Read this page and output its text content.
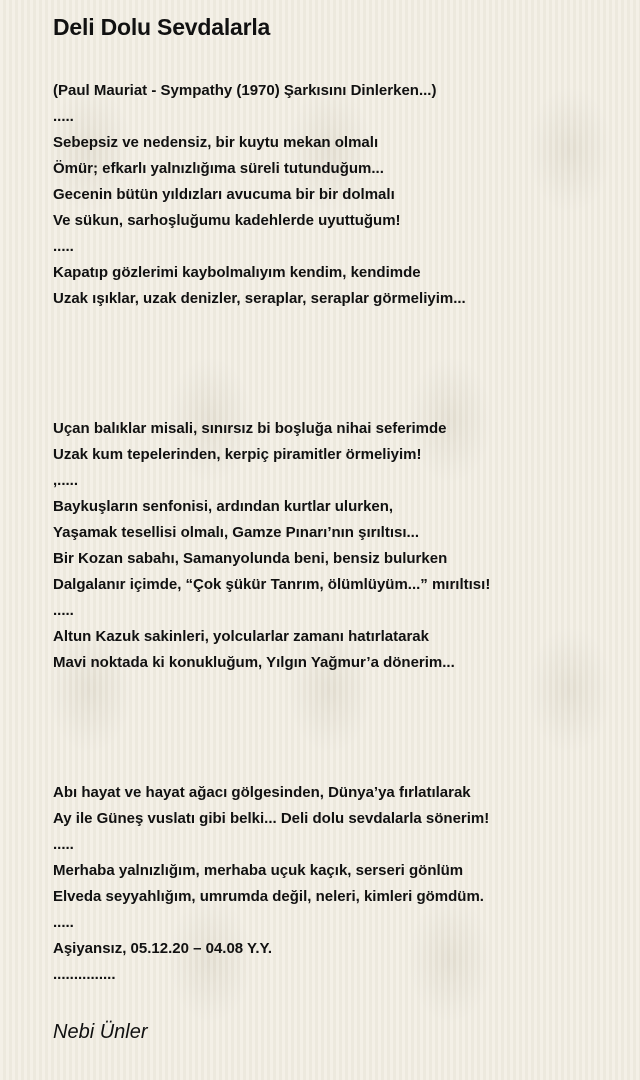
Deli Dolu Sevdalarla
(Paul Mauriat - Sympathy (1970) Şarkısını Dinlerken...)
.....
Sebepsiz ve nedensiz, bir kuytu mekan olmalı
Ömür; efkarlı yalnızlığıma süreli tutunduğum...
Gecenin bütün yıldızları avucuma bir bir dolmalı
Ve sükun, sarhoşluğumu kadehlerde uyuttuğum!
.....
Kapatıp gözlerimi kaybolmalıyım kendim, kendimde
Uzak ışıklar, uzak denizler, seraplar, seraplar görmeliyim...
Uçan balıklar misali, sınırsız bi boşluğa nihai seferimde
Uzak kum tepelerinden, kerpiç piramitler örmeliyim!
,.....
Baykuşların senfonisi, ardından kurtlar ulurken,
Yaşamak tesellisi olmalı, Gamze Pınarı’nın şırıltısı...
Bir Kozan sabahı, Samanyolunda beni, bensiz bulurken
Dalgalanır içimde, “Çok şükür Tanrım, ölümlüyüm...” mırıltısı!
.....
Altun Kazuk sakinleri, yolcularlar zamanı hatırlatarak
Mavi noktada ki konukluğum, Yılgın Yağmur’a dönerim...
Abı hayat ve hayat ağacı gölgesinden, Dünya’ya fırlatılarak
Ay ile Güneş vuslatı gibi belki... Deli dolu sevdalarla sönerim!
.....
Merhaba yalnızlığım, merhaba uçuk kaçık, serseri gönlüm
Elveda seyyahlığım, umrumda değil, neleri, kimleri gömdüm.
.....
Aşiyansız, 05.12.20 – 04.08 Y.Y.
...............
Nebi Ünler
